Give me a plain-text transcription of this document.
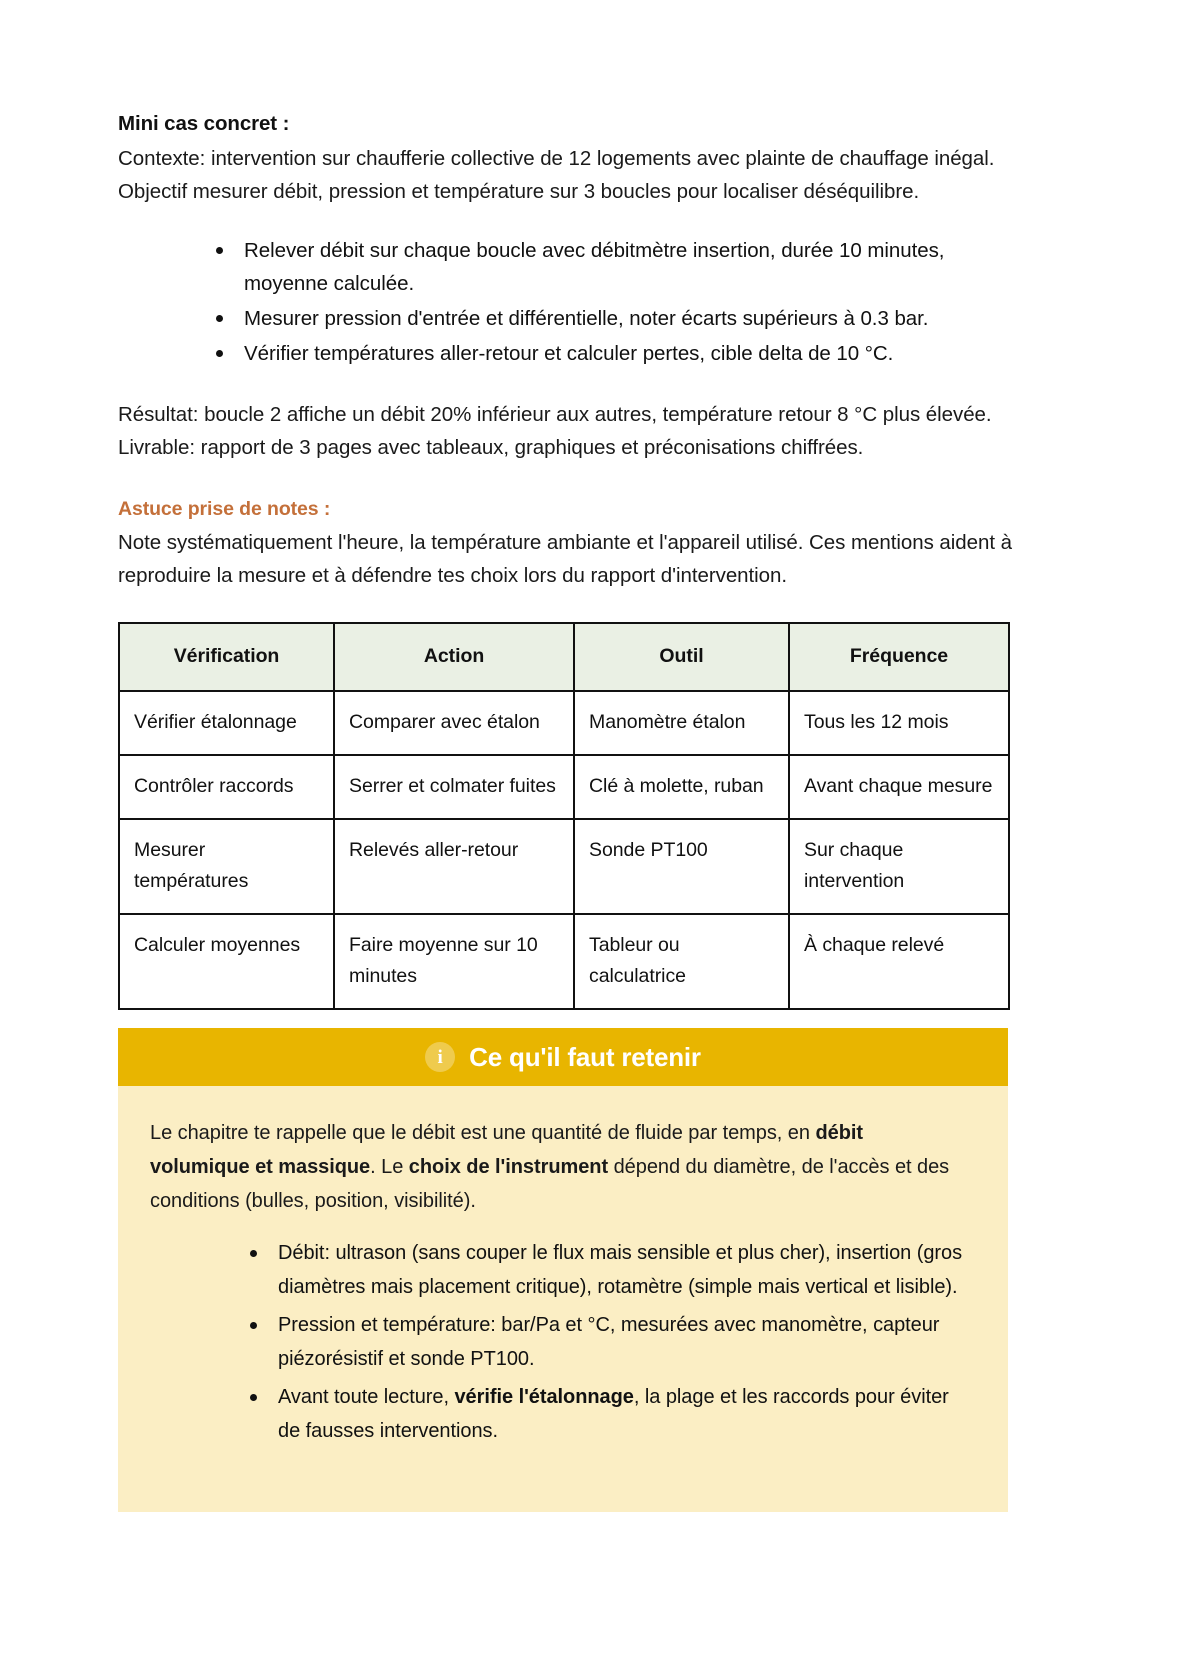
Mini cas concret :

Contexte: intervention sur chaufferie collective de 12 logements avec plainte de chauffage inégal. Objectif mesurer débit, pression et température sur 3 boucles pour localiser déséquilibre.

Relever débit sur chaque boucle avec débitmètre insertion, durée 10 minutes, moyenne calculée.
Mesurer pression d'entrée et différentielle, noter écarts supérieurs à 0.3 bar.
Vérifier températures aller-retour et calculer pertes, cible delta de 10 °C.

Résultat: boucle 2 affiche un débit 20% inférieur aux autres, température retour 8 °C plus élevée. Livrable: rapport de 3 pages avec tableaux, graphiques et préconisations chiffrées.

Astuce prise de notes :

Note systématiquement l'heure, la température ambiante et l'appareil utilisé. Ces mentions aident à reproduire la mesure et à défendre tes choix lors du rapport d'intervention.

Vérification	Action	Outil	Fréquence
Vérifier étalonnage	Comparer avec étalon	Manomètre étalon	Tous les 12 mois
Contrôler raccords	Serrer et colmater fuites	Clé à molette, ruban	Avant chaque mesure
Mesurer températures	Relevés aller-retour	Sonde PT100	Sur chaque intervention
Calculer moyennes	Faire moyenne sur 10 minutes	Tableur ou calculatrice	À chaque relevé
i	Ce qu'il faut retenir

Le chapitre te rappelle que le débit est une quantité de fluide par temps, en débit volumique et massique. Le choix de l'instrument dépend du diamètre, de l'accès et des conditions (bulles, position, visibilité).

Débit: ultrason (sans couper le flux mais sensible et plus cher), insertion (gros diamètres mais placement critique), rotamètre (simple mais vertical et lisible).
Pression et température: bar/Pa et °C, mesurées avec manomètre, capteur piézorésistif et sonde PT100.
Avant toute lecture, vérifie l'étalonnage, la plage et les raccords pour éviter de fausses interventions.
